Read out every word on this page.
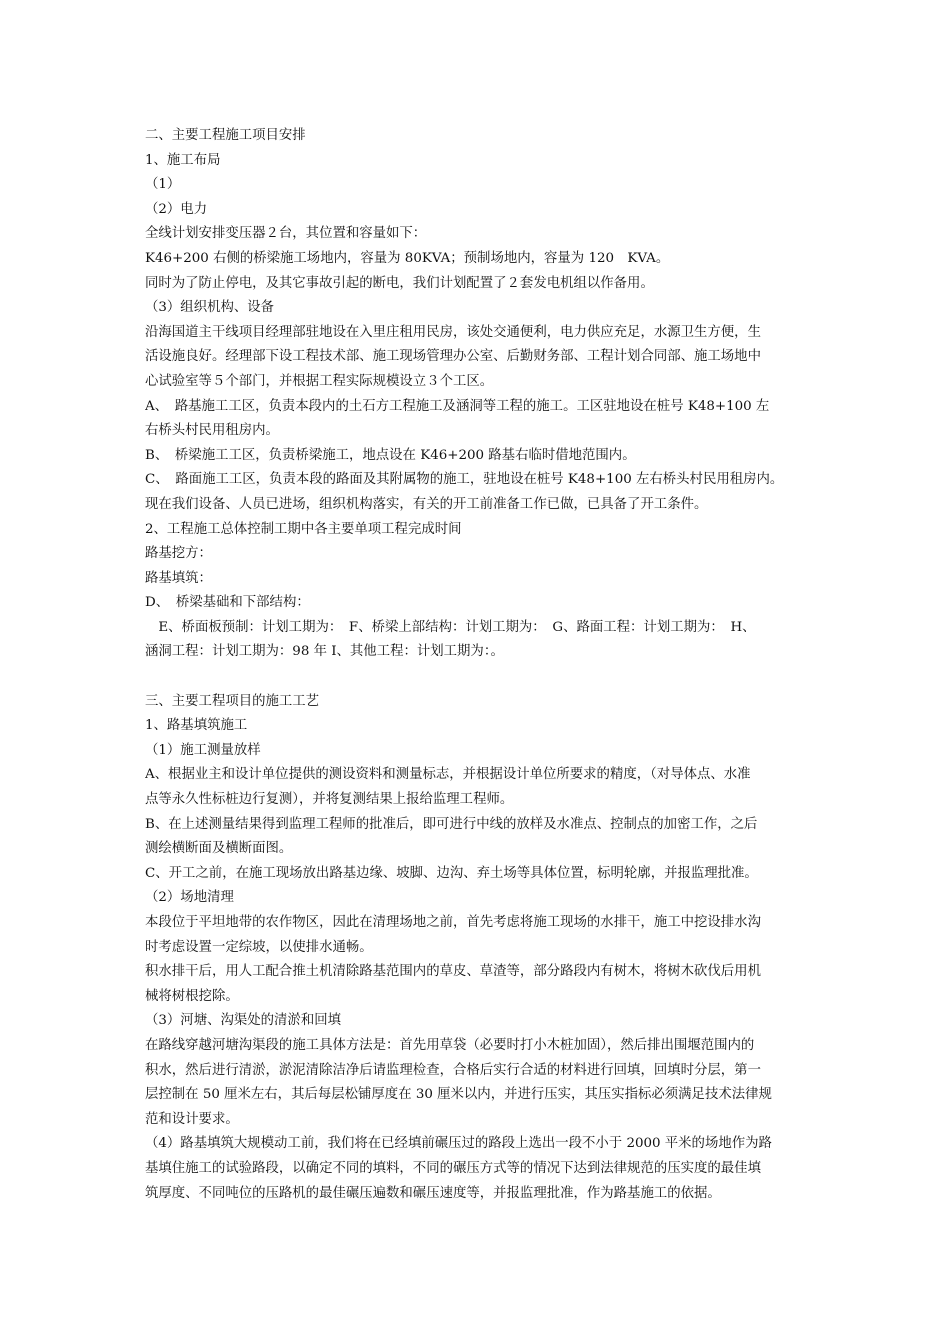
二、主要工程施工项目安排
1、施工布局
（1）
（2）电力
全线计划安排变压器２台，其位置和容量如下：
K46+200 右侧的桥梁施工场地内，容量为 80KVA；预制场地内，容量为 120　KVA。
同时为了防止停电，及其它事故引起的断电，我们计划配置了２套发电机组以作备用。
（3）组织机构、设备
沿海国道主干线项目经理部驻地设在入里庄租用民房，该处交通便利，电力供应充足，水源卫生方便，生
活设施良好。经理部下设工程技术部、施工现场管理办公室、后勤财务部、工程计划合同部、施工场地中
心试验室等５个部门，并根据工程实际规模设立３个工区。
A、　路基施工工区，负责本段内的土石方工程施工及涵洞等工程的施工。工区驻地设在桩号 K48+100 左
右桥头村民用租房内。
B、　桥梁施工工区，负责桥梁施工，地点设在 K46+200 路基右临时借地范围内。
C、　路面施工工区，负责本段的路面及其附属物的施工，驻地设在桩号 K48+100 左右桥头村民用租房内。
现在我们设备、人员已进场，组织机构落实，有关的开工前准备工作已做，已具备了开工条件。
2、工程施工总体控制工期中各主要单项工程完成时间
路基挖方：
路基填筑：
D、　桥梁基础和下部结构：
　E、桥面板预制：计划工期为：　F、桥梁上部结构：计划工期为：　G、路面工程：计划工期为：　H、
涵洞工程：计划工期为：98 年 I、其他工程：计划工期为：。
三、主要工程项目的施工工艺
1、路基填筑施工
（1）施工测量放样
A、根据业主和设计单位提供的测设资料和测量标志，并根据设计单位所要求的精度，（对导体点、水准
点等永久性标桩边行复测），并将复测结果上报给监理工程师。
B、在上述测量结果得到监理工程师的批准后，即可进行中线的放样及水准点、控制点的加密工作，之后
测绘横断面及横断面图。
C、开工之前，在施工现场放出路基边缘、坡脚、边沟、弃土场等具体位置，标明轮廓，并报监理批准。
（2）场地清理
本段位于平坦地带的农作物区，因此在清理场地之前，首先考虑将施工现场的水排干，施工中挖设排水沟
时考虑设置一定综坡，以使排水通畅。
积水排干后，用人工配合推土机清除路基范围内的草皮、草渣等，部分路段内有树木，将树木砍伐后用机
械将树根挖除。
（3）河塘、沟渠处的清淤和回填
在路线穿越河塘沟渠段的施工具体方法是：首先用草袋（必要时打小木桩加固），然后排出围堰范围内的
积水，然后进行清淤，淤泥清除洁净后请监理检查，合格后实行合适的材料进行回填，回填时分层，第一
层控制在 50 厘米左右，其后每层松铺厚度在 30 厘米以内，并进行压实，其压实指标必须满足技术法律规
范和设计要求。
（4）路基填筑大规模动工前，我们将在已经填前碾压过的路段上选出一段不小于 2000 平米的场地作为路
基填住施工的试验路段，以确定不同的填料，不同的碾压方式等的情况下达到法律规范的压实度的最佳填
筑厚度、不同吨位的压路机的最佳碾压遍数和碾压速度等，并报监理批准，作为路基施工的依据。
